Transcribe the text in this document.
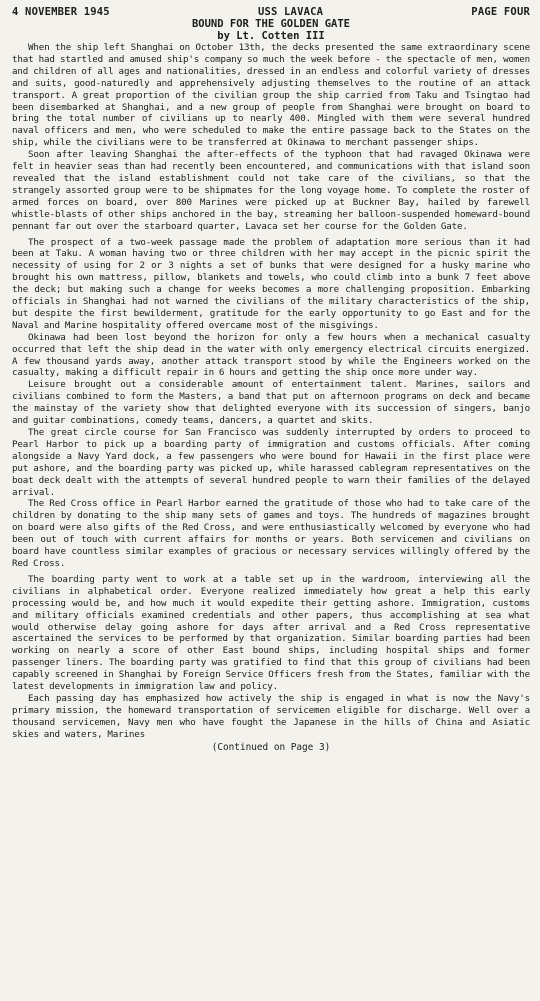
4 NOVEMBER 1945	USS LAVACA	PAGE FOUR
BOUND FOR THE GOLDEN GATE
by Lt. Cotten III

When the ship left Shanghai on October 13th, the decks presented the same extraordinary scene that had startled and amused ship's company so much the week before - the spectacle of men, women and children of all ages and nationalities, dressed in an endless and colorful variety of dresses and suits, good-naturedly and apprehensively adjusting themselves to the routine of an attack transport. A great proportion of the civilian group the ship carried from Taku and Tsingtao had been disembarked at Shanghai, and a new group of people from Shanghai were brought on board to bring the total number of civilians up to nearly 400. Mingled with them were several hundred naval officers and men, who were scheduled to make the entire passage back to the States on the ship, while the civilians were to be transferred at Okinawa to merchant passenger ships.

Soon after leaving Shanghai the after-effects of the typhoon that had ravaged Okinawa were felt in heavier seas than had recently been encountered, and communications with that island soon revealed that the island establishment could not take care of the civilians, so that the strangely assorted group were to be shipmates for the long voyage home. To complete the roster of armed forces on board, over 800 Marines were picked up at Buckner Bay, hailed by farewell whistle-blasts of other ships anchored in the bay, streaming her balloon-suspended homeward-bound pennant far out over the starboard quarter, Lavaca set her course for the Golden Gate.

The prospect of a two-week passage made the problem of adaptation more serious than it had been at Taku. A woman having two or three children with her may accept in the picnic spirit the necessity of using for 2 or 3 nights a set of bunks that were designed for a husky marine who brought his own mattress, pillow, blankets and towels, who could climb into a bunk 7 feet above the deck; but making such a change for weeks becomes a more challenging proposition. Embarking officials in Shanghai had not warned the civilians of the military characteristics of the ship, but despite the first bewilderment, gratitude for the early opportunity to go East and for the Naval and Marine hospitality offered overcame most of the misgivings.

Okinawa had been lost beyond the horizon for only a few hours when a mechanical casualty occurred that left the ship dead in the water with only emergency electrical circuits energized. A few thousand yards away, another attack transport stood by while the Engineers worked on the casualty, making a difficult repair in 6 hours and getting the ship once more under way.

Leisure brought out a considerable amount of entertainment talent. Marines, sailors and civilians combined to form the Masters, a band that put on afternoon programs on deck and became the mainstay of the variety show that delighted everyone with its succession of singers, banjo and guitar combinations, comedy teams, dancers, a quartet and skits.

The great circle course for San Francisco was suddenly interrupted by orders to proceed to Pearl Harbor to pick up a boarding party of immigration and customs officials. After coming alongside a Navy Yard dock, a few passengers who were bound for Hawaii in the first place were put ashore, and the boarding party was picked up, while harassed cablegram representatives on the boat deck dealt with the attempts of several hundred people to warn their families of the delayed arrival.

The Red Cross office in Pearl Harbor earned the gratitude of those who had to take care of the children by donating to the ship many sets of games and toys. The hundreds of magazines brought on board were also gifts of the Red Cross, and were enthusiastically welcomed by everyone who had been out of touch with current affairs for months or years. Both servicemen and civilians on board have countless similar examples of gracious or necessary services willingly offered by the Red Cross.

The boarding party went to work at a table set up in the wardroom, interviewing all the civilians in alphabetical order. Everyone realized immediately how great a help this early processing would be, and how much it would expedite their getting ashore. Immigration, customs and military officials examined credentials and other papers, thus accomplishing at sea what would otherwise delay going ashore for days after arrival and a Red Cross representative ascertained the services to be performed by that organization. Similar boarding parties had been working on nearly a score of other East bound ships, including hospital ships and former passenger liners. The boarding party was gratified to find that this group of civilians had been capably screened in Shanghai by Foreign Service Officers fresh from the States, familiar with the latest developments in immigration law and policy.

Each passing day has emphasized how actively the ship is engaged in what is now the Navy's primary mission, the homeward transportation of servicemen eligible for discharge. Well over a thousand servicemen, Navy men who have fought the Japanese in the hills of China and Asiatic skies and waters, Marines

(Continued on Page 3)
